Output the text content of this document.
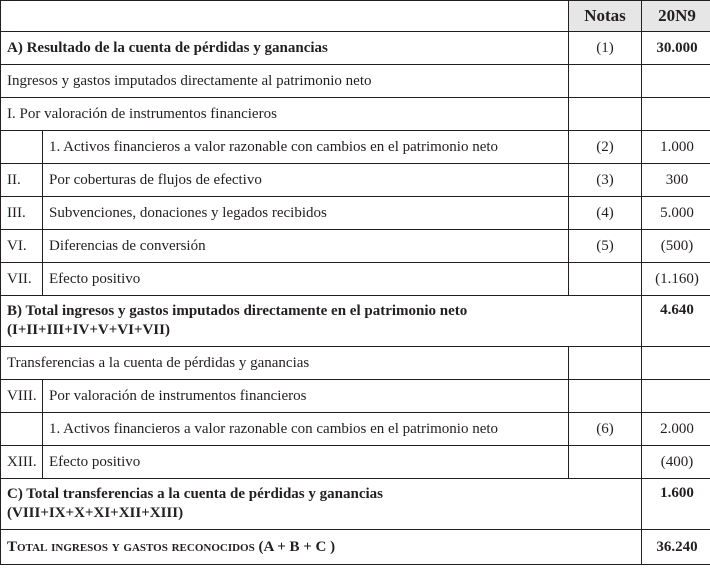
		Notas	20N9
A) Resultado de la cuenta de pérdidas y ganancias		(1)	30.000
Ingresos y gastos imputados directamente al patrimonio neto			
I. Por valoración de instrumentos financieros			
	1. Activos financieros a valor razonable con cambios en el patrimonio neto	(2)	1.000
II.	Por coberturas de flujos de efectivo	(3)	300
III.	Subvenciones, donaciones y legados recibidos	(4)	5.000
VI.	Diferencias de conversión	(5)	(500)
VII.	Efecto positivo		(1.160)
B) Total ingresos y gastos imputados directamente en el patrimonio neto
(I+II+III+IV+V+VI+VII)			4.640
Transferencias a la cuenta de pérdidas y ganancias			
VIII.	Por valoración de instrumentos financieros		
	1. Activos financieros a valor razonable con cambios en el patrimonio neto	(6)	2.000
XIII.	Efecto positivo		(400)
C) Total transferencias a la cuenta de pérdidas y ganancias
(VIII+IX+X+XI+XII+XIII)			1.600
Total ingresos y gastos reconocidos (A + B + C )			36.240
